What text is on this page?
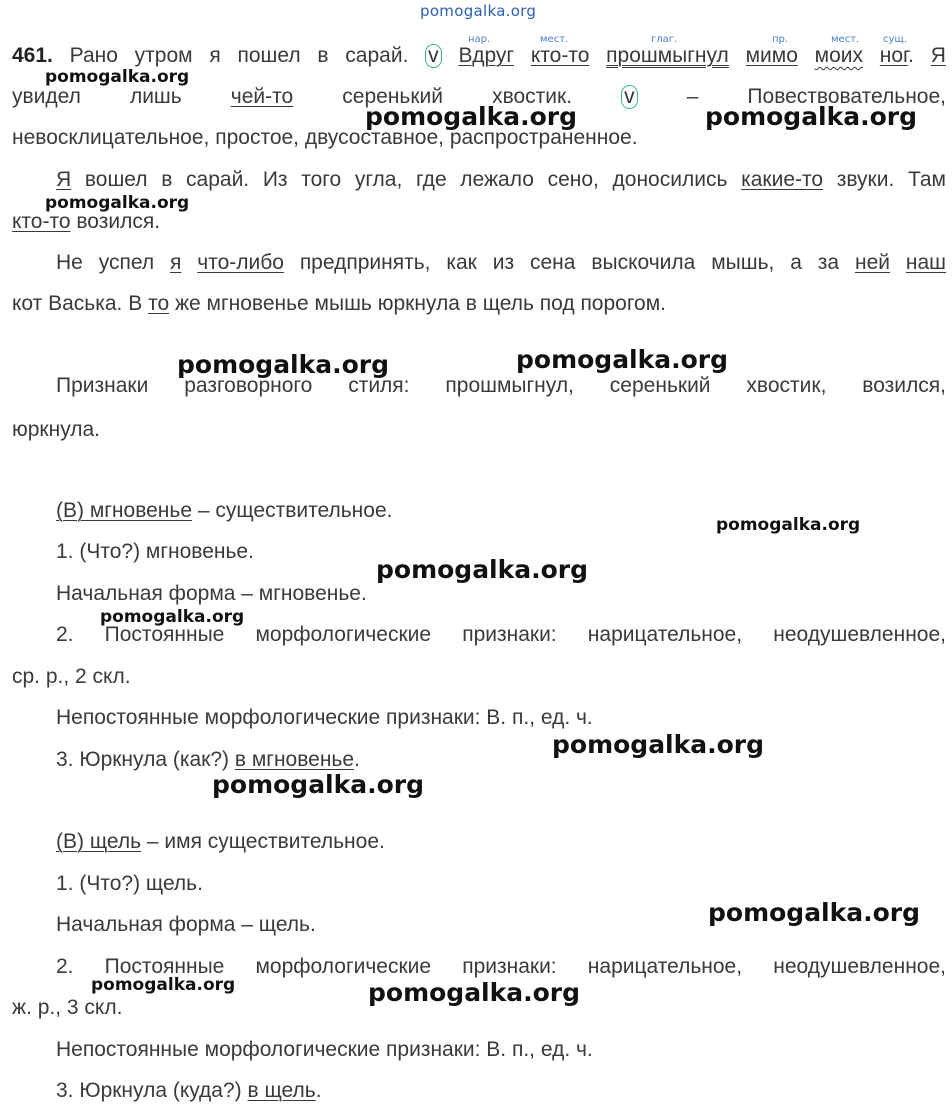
pomogalka.org
нар.	мест.	глаг.	пр.	мест. сущ.
461. Рано утром я пошел в сарай. v Вдруг кто-то прошмыгнул мимо моих ног. Я
увидел лишь чей-то серенький хвостик. v – Повествовательное,
невосклицательное, простое, двусоставное, распространенное.
Я вошел в сарай. Из того угла, где лежало сено, доносились какие-то звуки. Там
кто-то возился.
Не успел я что-либо предпринять, как из сена выскочила мышь, а за ней наш
кот Васька. В то же мгновенье мышь юркнула в щель под порогом.
Признаки разговорного стиля: прошмыгнул, серенький хвостик, возился,
юркнула.
(В) мгновенье – существительное.
1. (Что?) мгновенье.
Начальная форма – мгновенье.
2. Постоянные морфологические признаки: нарицательное, неодушевленное,
ср. р., 2 скл.
Непостоянные морфологические признаки: В. п., ед. ч.
3. Юркнула (как?) в мгновенье.
(В) щель – имя существительное.
1. (Что?) щель.
Начальная форма – щель.
2. Постоянные морфологические признаки: нарицательное, неодушевленное,
ж. р., 3 скл.
Непостоянные морфологические признаки: В. п., ед. ч.
3. Юркнула (куда?) в щель.
pomogalka.org
pomogalka.org	pomogalka.org
pomogalka.org
pomogalka.org	pomogalka.org
pomogalka.org
pomogalka.org
pomogalka.org
pomogalka.org
pomogalka.org
pomogalka.org
pomogalka.org	pomogalka.org
